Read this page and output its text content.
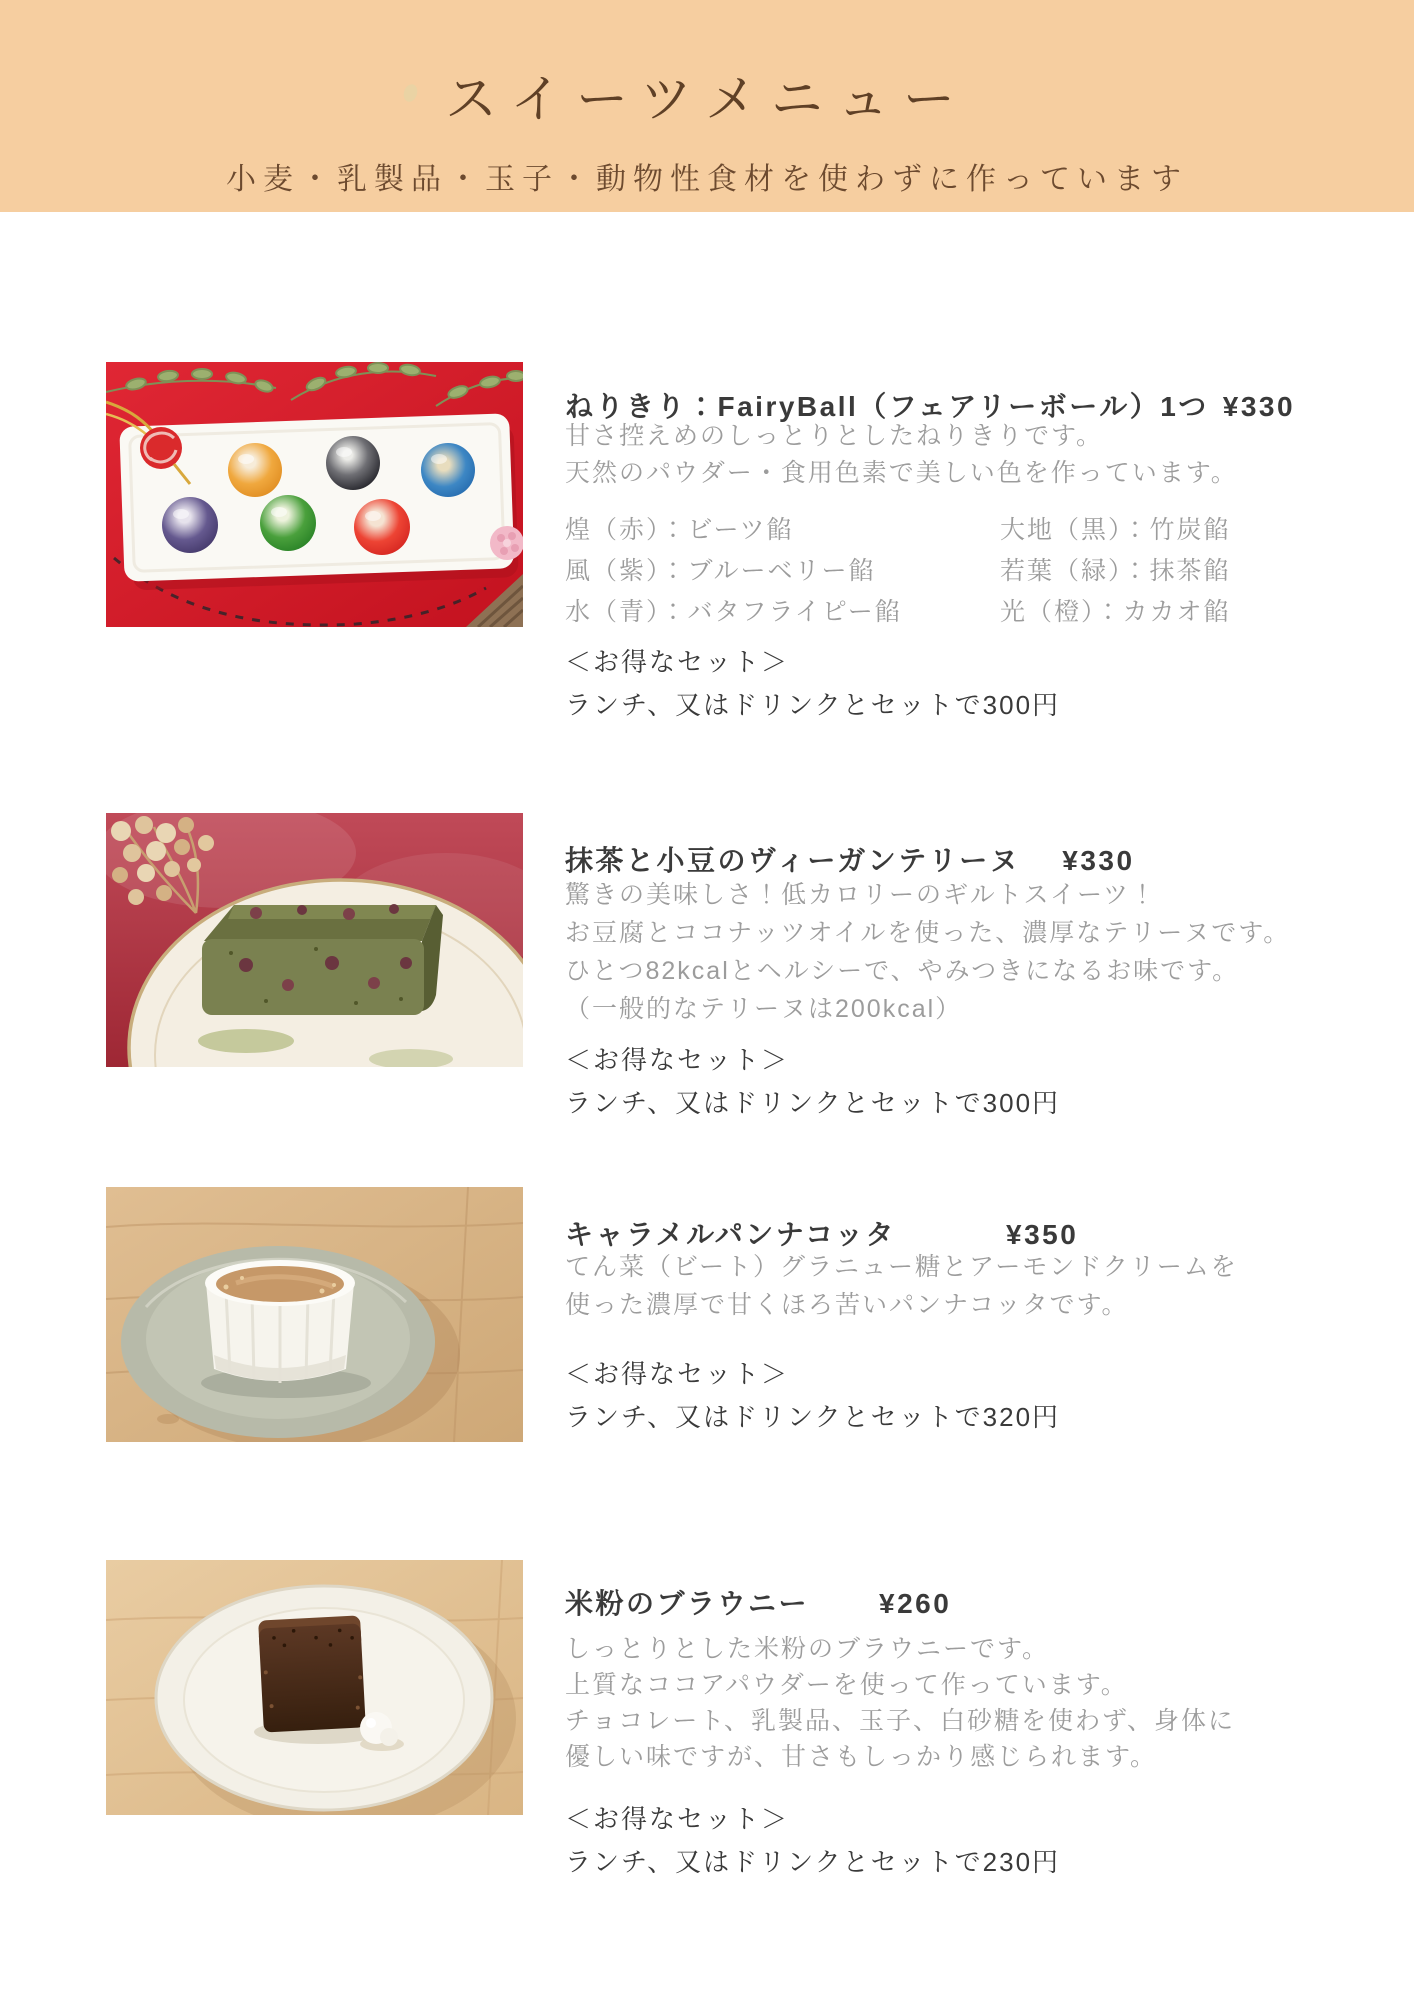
スイーツメニュー
小麦・乳製品・玉子・動物性食材を使わずに作っています
ねりきり：FairyBall（フェアリーボール）1つ ¥330
甘さ控えめのしっとりとしたねりきりです。
天然のパウダー・食用色素で美しい色を作っています。
煌（赤）：ビーツ餡
風（紫）：ブルーベリー餡
水（青）：バタフライピー餡
大地（黒）：竹炭餡
若葉（緑）：抹茶餡
光（橙）：カカオ餡
＜お得なセット＞
ランチ、又はドリンクとセットで300円
抹茶と小豆のヴィーガンテリーヌ ¥330
驚きの美味しさ！低カロリーのギルトスイーツ！
お豆腐とココナッツオイルを使った、濃厚なテリーヌです。
ひとつ82kcalとヘルシーで、やみつきになるお味です。
（一般的なテリーヌは200kcal）
＜お得なセット＞
ランチ、又はドリンクとセットで300円
キャラメルパンナコッタ	¥350
てん菜（ビート）グラニュー糖とアーモンドクリームを
使った濃厚で甘くほろ苦いパンナコッタです。
＜お得なセット＞
ランチ、又はドリンクとセットで320円
米粉のブラウニー	¥260
しっとりとした米粉のブラウニーです。
上質なココアパウダーを使って作っています。
チョコレート、乳製品、玉子、白砂糖を使わず、身体に
優しい味ですが、甘さもしっかり感じられます。
＜お得なセット＞
ランチ、又はドリンクとセットで230円
